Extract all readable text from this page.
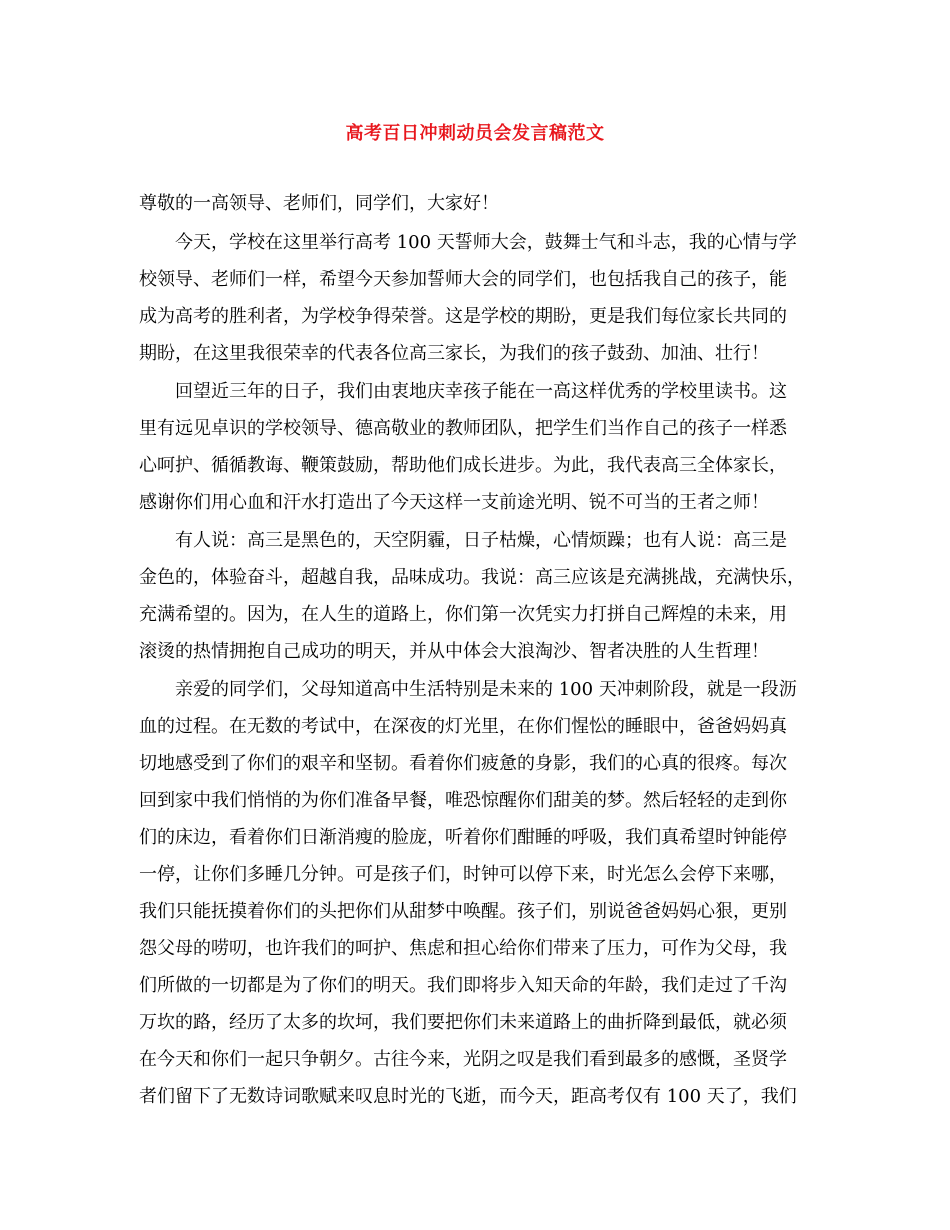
高考百日冲刺动员会发言稿范文
尊敬的一高领导、老师们，同学们，大家好！
今天，学校在这里举行高考 100 天誓师大会，鼓舞士气和斗志，我的心情与学
校领导、老师们一样，希望今天参加誓师大会的同学们，也包括我自己的孩子，能
成为高考的胜利者，为学校争得荣誉。这是学校的期盼，更是我们每位家长共同的
期盼，在这里我很荣幸的代表各位高三家长，为我们的孩子鼓劲、加油、壮行！
回望近三年的日子，我们由衷地庆幸孩子能在一高这样优秀的学校里读书。这
里有远见卓识的学校领导、德高敬业的教师团队，把学生们当作自己的孩子一样悉
心呵护、循循教诲、鞭策鼓励，帮助他们成长进步。为此，我代表高三全体家长，
感谢你们用心血和汗水打造出了今天这样一支前途光明、锐不可当的王者之师！
有人说：高三是黑色的，天空阴霾，日子枯燥，心情烦躁；也有人说：高三是
金色的，体验奋斗，超越自我，品味成功。我说：高三应该是充满挑战，充满快乐，
充满希望的。因为，在人生的道路上，你们第一次凭实力打拼自己辉煌的未来，用
滚烫的热情拥抱自己成功的明天，并从中体会大浪淘沙、智者决胜的人生哲理！
亲爱的同学们，父母知道高中生活特别是未来的 100 天冲刺阶段，就是一段沥
血的过程。在无数的考试中，在深夜的灯光里，在你们惺忪的睡眼中，爸爸妈妈真
切地感受到了你们的艰辛和坚韧。看着你们疲惫的身影，我们的心真的很疼。每次
回到家中我们悄悄的为你们准备早餐，唯恐惊醒你们甜美的梦。然后轻轻的走到你
们的床边，看着你们日渐消瘦的脸庞，听着你们酣睡的呼吸，我们真希望时钟能停
一停，让你们多睡几分钟。可是孩子们，时钟可以停下来，时光怎么会停下来哪，
我们只能抚摸着你们的头把你们从甜梦中唤醒。孩子们，别说爸爸妈妈心狠，更别
怨父母的唠叨，也许我们的呵护、焦虑和担心给你们带来了压力，可作为父母，我
们所做的一切都是为了你们的明天。我们即将步入知天命的年龄，我们走过了千沟
万坎的路，经历了太多的坎坷，我们要把你们未来道路上的曲折降到最低，就必须
在今天和你们一起只争朝夕。古往今来，光阴之叹是我们看到最多的感慨，圣贤学
者们留下了无数诗词歌赋来叹息时光的飞逝，而今天，距高考仅有 100 天了，我们
